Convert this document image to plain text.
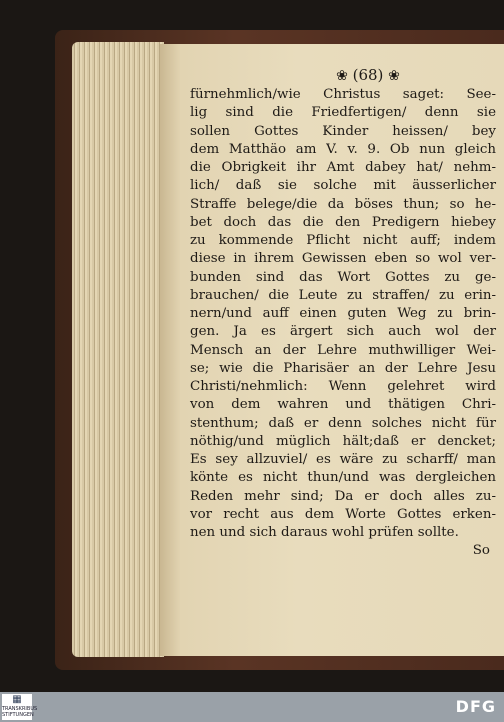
❀ (68) ❀
fürnehmlich/wie Christus saget: See-
lig sind die Friedfertigen/ denn sie
sollen Gottes Kinder heissen/ bey
dem Matthäo am V. v. 9. Ob nun gleich
die Obrigkeit ihr Amt dabey hat/ nehm-
lich/ daß sie solche mit äusserlicher
Straffe belege/die da böses thun; so he-
bet doch das die den Predigern hiebey
zu kommende Pflicht nicht auff; indem
diese in ihrem Gewissen eben so wol ver-
bunden sind das Wort Gottes zu ge-
brauchen/ die Leute zu straffen/ zu erin-
nern/und auff einen guten Weg zu brin-
gen. Ja es ärgert sich auch wol der
Mensch an der Lehre muthwilliger Wei-
se; wie die Pharisäer an der Lehre Jesu
Christi/nehmlich: Wenn gelehret wird
von dem wahren und thätigen Chri-
stenthum; daß er denn solches nicht für
nöthig/und müglich hält;daß er dencket;
Es sey allzuviel/ es wäre zu scharff/ man
könte es nicht thun/und was dergleichen
Reden mehr sind; Da er doch alles zu-
vor recht aus dem Worte Gottes erken-
nen und sich daraus wohl prüfen sollte.
So
▦
TRANSKRIBUS STIFTUNGEN	DFG
